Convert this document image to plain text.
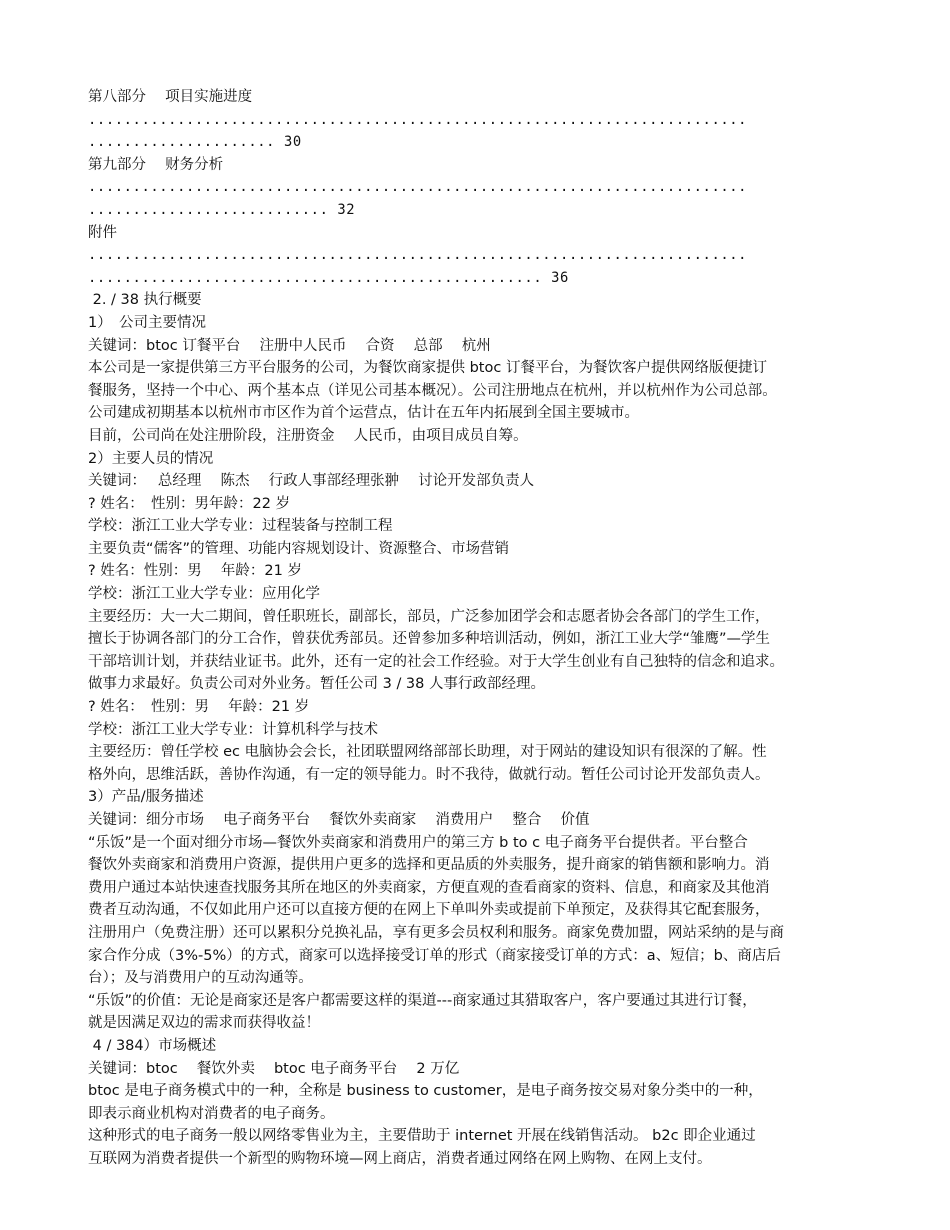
第八部分　 项目实施进度
..........................................................................
..................... 30
第九部分　 财务分析
..........................................................................
........................... 32
附件
..........................................................................
................................................... 36
2. / 38 执行概要
1）　公司主要情况
关键词：btoc 订餐平台　 注册中人民币　 合资　 总部　 杭州
本公司是一家提供第三方平台服务的公司，为餐饮商家提供 btoc 订餐平台，为餐饮客户提供网络版便捷订
餐服务，坚持一个中心、两个基本点（详见公司基本概况）。公司注册地点在杭州，并以杭州作为公司总部。
公司建成初期基本以杭州市市区作为首个运营点，估计在五年内拓展到全国主要城市。
目前，公司尚在处注册阶段，注册资金　 人民币，由项目成员自筹。
2）主要人员的情况
关键词：　 总经理　 陈杰　 行政人事部经理张翀　 讨论开发部负责人
? 姓名：　性别：男年龄：22 岁
学校：浙江工业大学专业：过程装备与控制工程
主要负责“儒客”的管理、功能内容规划设计、资源整合、市场营销
? 姓名：性别：男　 年龄：21 岁
学校：浙江工业大学专业：应用化学
主要经历：大一大二期间，曾任职班长，副部长，部员，广泛参加团学会和志愿者协会各部门的学生工作，
擅长于协调各部门的分工合作，曾获优秀部员。还曾参加多种培训活动，例如，浙江工业大学“雏鹰”—学生
干部培训计划，并获结业证书。此外，还有一定的社会工作经验。对于大学生创业有自己独特的信念和追求。
做事力求最好。负责公司对外业务。暂任公司 3 / 38 人事行政部经理。
? 姓名：　性别：男　 年龄：21 岁
学校：浙江工业大学专业：计算机科学与技术
主要经历：曾任学校 ec 电脑协会会长，社团联盟网络部部长助理，对于网站的建设知识有很深的了解。性
格外向，思维活跃，善协作沟通，有一定的领导能力。时不我待，做就行动。暂任公司讨论开发部负责人。
3）产品/服务描述
关键词：细分市场　 电子商务平台　 餐饮外卖商家　 消费用户　 整合　 价值
“乐饭”是一个面对细分市场—餐饮外卖商家和消费用户的第三方 b to c 电子商务平台提供者。平台整合
餐饮外卖商家和消费用户资源，提供用户更多的选择和更品质的外卖服务，提升商家的销售额和影响力。消
费用户通过本站快速查找服务其所在地区的外卖商家，方便直观的查看商家的资料、信息，和商家及其他消
费者互动沟通，不仅如此用户还可以直接方便的在网上下单叫外卖或提前下单预定，及获得其它配套服务，
注册用户（免费注册）还可以累积分兑换礼品，享有更多会员权利和服务。商家免费加盟，网站采纳的是与商
家合作分成（3%-5%）的方式，商家可以选择接受订单的形式（商家接受订单的方式：a、短信；b、商店后
台）；及与消费用户的互动沟通等。
“乐饭”的价值：无论是商家还是客户都需要这样的渠道---商家通过其猎取客户，客户要通过其进行订餐，
就是因满足双边的需求而获得收益！
4 / 384）市场概述
关键词：btoc　 餐饮外卖　 btoc 电子商务平台　 2 万亿
btoc 是电子商务模式中的一种，全称是 business to customer，是电子商务按交易对象分类中的一种，
即表示商业机构对消费者的电子商务。
这种形式的电子商务一般以网络零售业为主，主要借助于 internet 开展在线销售活动。 b2c 即企业通过
互联网为消费者提供一个新型的购物环境—网上商店，消费者通过网络在网上购物、在网上支付。
